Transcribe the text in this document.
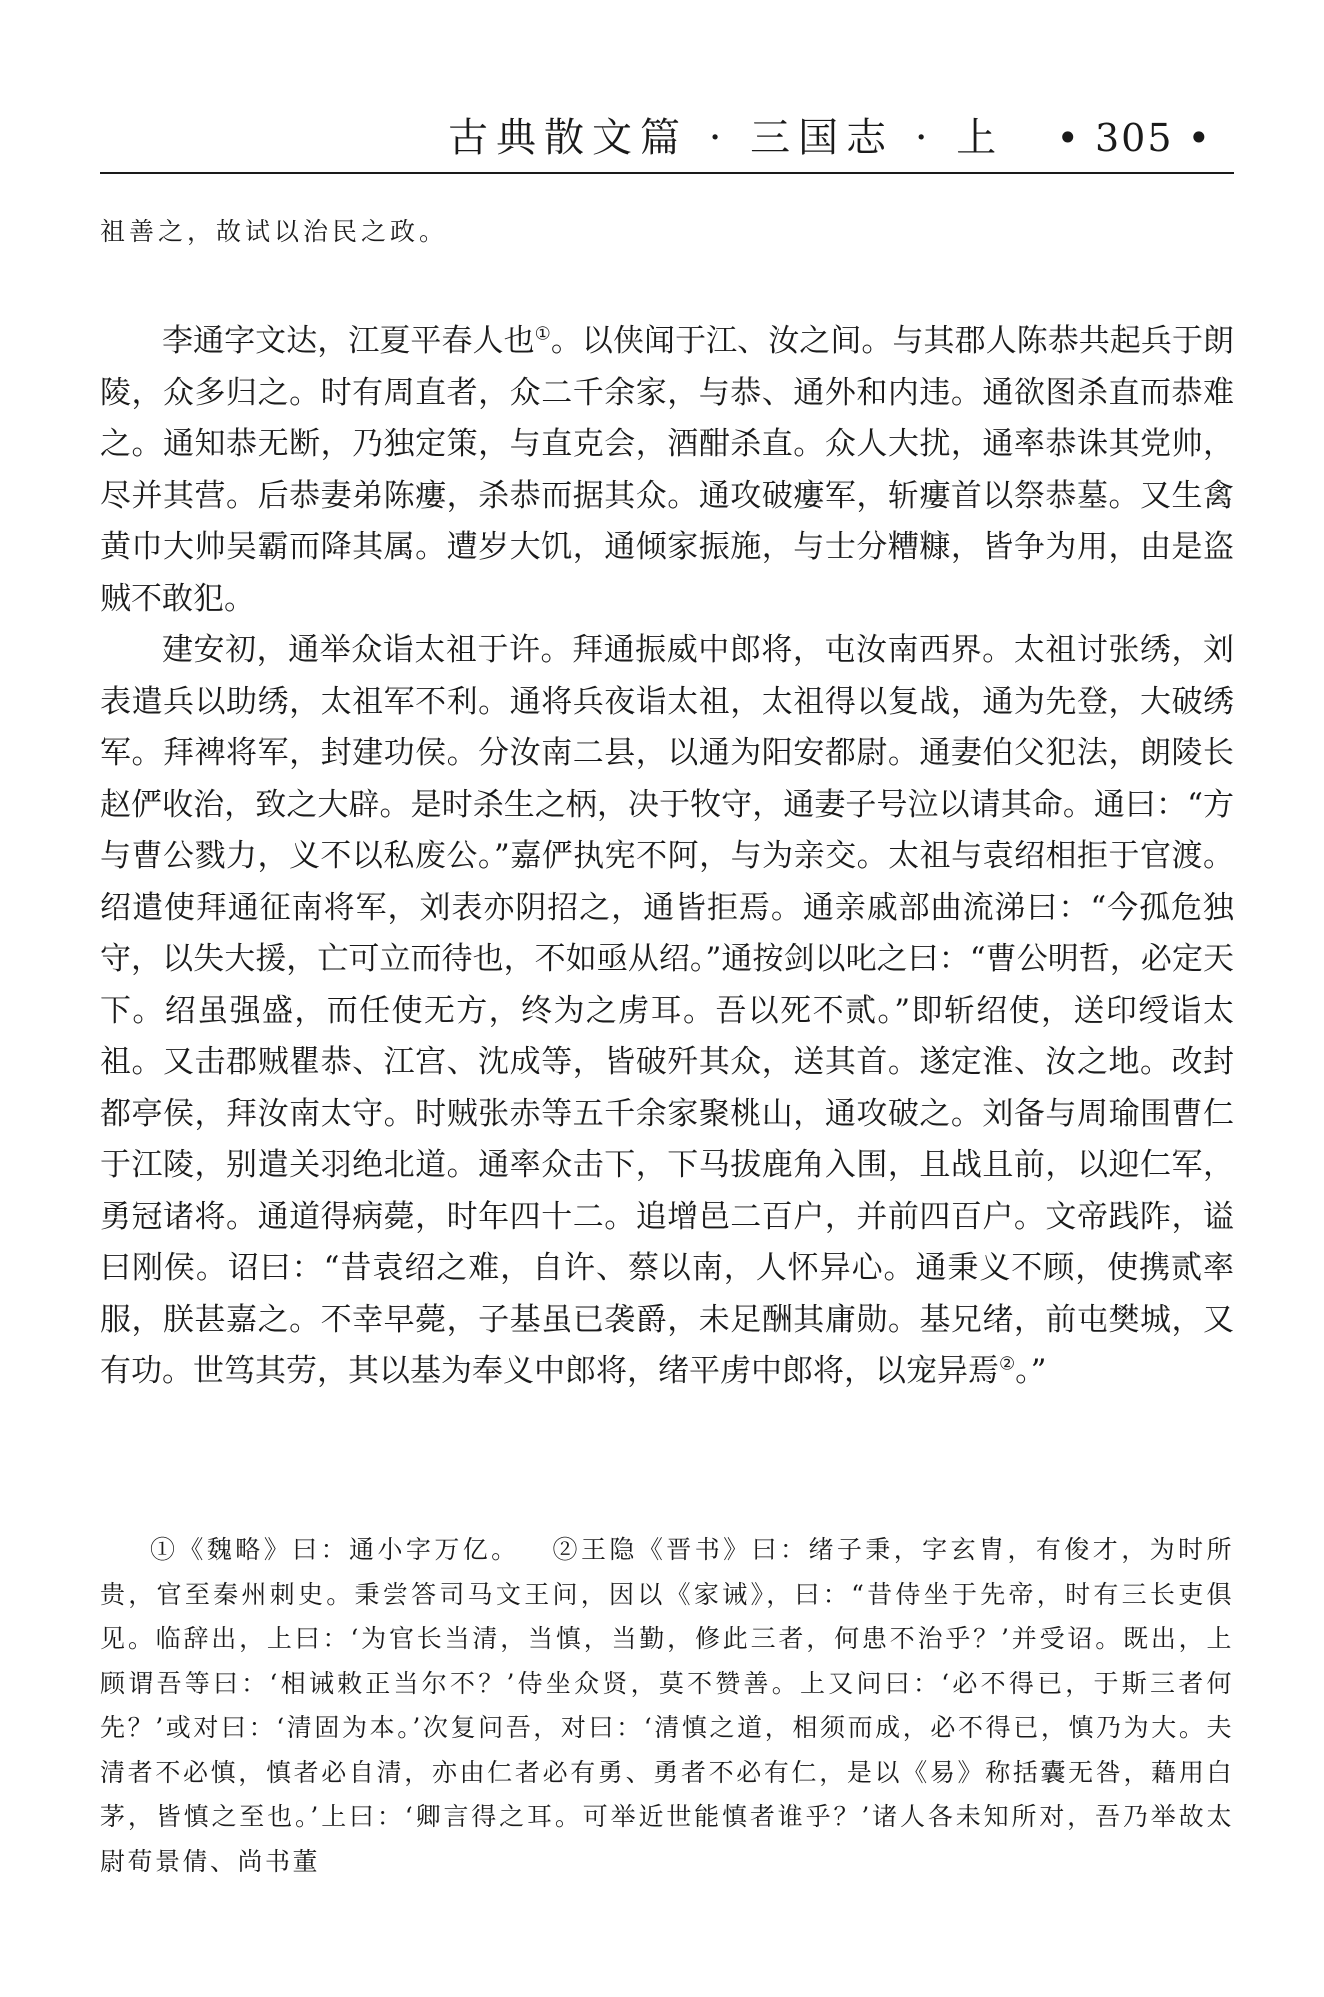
古典散文篇 · 三国志 · 上 • 305 •
祖善之，故试以治民之政。

李通字文达，江夏平春人也①。以侠闻于江、汝之间。与其郡人陈恭共起兵于朗陵，众多归之。时有周直者，众二千余家，与恭、通外和内违。通欲图杀直而恭难之。通知恭无断，乃独定策，与直克会，酒酣杀直。众人大扰，通率恭诛其党帅，尽并其营。后恭妻弟陈瘻，杀恭而据其众。通攻破瘻军，斩瘻首以祭恭墓。又生禽黄巾大帅吴霸而降其属。遭岁大饥，通倾家振施，与士分糟糠，皆争为用，由是盗贼不敢犯。

建安初，通举众诣太祖于许。拜通振威中郎将，屯汝南西界。太祖讨张绣，刘表遣兵以助绣，太祖军不利。通将兵夜诣太祖，太祖得以复战，通为先登，大破绣军。拜裨将军，封建功侯。分汝南二县，以通为阳安都尉。通妻伯父犯法，朗陵长赵俨收治，致之大辟。是时杀生之柄，决于牧守，通妻子号泣以请其命。通曰：“方与曹公戮力，义不以私废公。”嘉俨执宪不阿，与为亲交。太祖与袁绍相拒于官渡。绍遣使拜通征南将军，刘表亦阴招之，通皆拒焉。通亲戚部曲流涕曰：“今孤危独守，以失大援，亡可立而待也，不如亟从绍。”通按剑以叱之曰：“曹公明哲，必定天下。绍虽强盛，而任使无方，终为之虏耳。吾以死不贰。”即斩绍使，送印绶诣太祖。又击郡贼瞿恭、江宫、沈成等，皆破歼其众，送其首。遂定淮、汝之地。改封都亭侯，拜汝南太守。时贼张赤等五千余家聚桃山，通攻破之。刘备与周瑜围曹仁于江陵，别遣关羽绝北道。通率众击下，下马拔鹿角入围，且战且前，以迎仁军，勇冠诸将。通道得病薨，时年四十二。追增邑二百户，并前四百户。文帝践阼，谥曰刚侯。诏曰：“昔袁绍之难，自许、蔡以南，人怀异心。通秉义不顾，使携贰率服，朕甚嘉之。不幸早薨，子基虽已袭爵，未足酬其庸勋。基兄绪，前屯樊城，又有功。世笃其劳，其以基为奉义中郎将，绪平虏中郎将，以宠异焉②。”

①《魏略》曰：通小字万亿。 ②王隐《晋书》曰：绪子秉，字玄胄，有俊才，为时所贵，官至秦州刺史。秉尝答司马文王问，因以《家诫》，曰：“昔侍坐于先帝，时有三长吏俱见。临辞出，上曰：‘为官长当清，当慎，当勤，修此三者，何患不治乎？’并受诏。既出，上顾谓吾等曰：‘相诫敕正当尔不？’侍坐众贤，莫不赞善。上又问曰：‘必不得已，于斯三者何先？’或对曰：‘清固为本。’次复问吾，对曰：‘清慎之道，相须而成，必不得已，慎乃为大。夫清者不必慎，慎者必自清，亦由仁者必有勇、勇者不必有仁，是以《易》称括囊无咎，藉用白茅，皆慎之至也。’上曰：‘卿言得之耳。可举近世能慎者谁乎？’诸人各未知所对，吾乃举故太尉荀景倩、尚书董
